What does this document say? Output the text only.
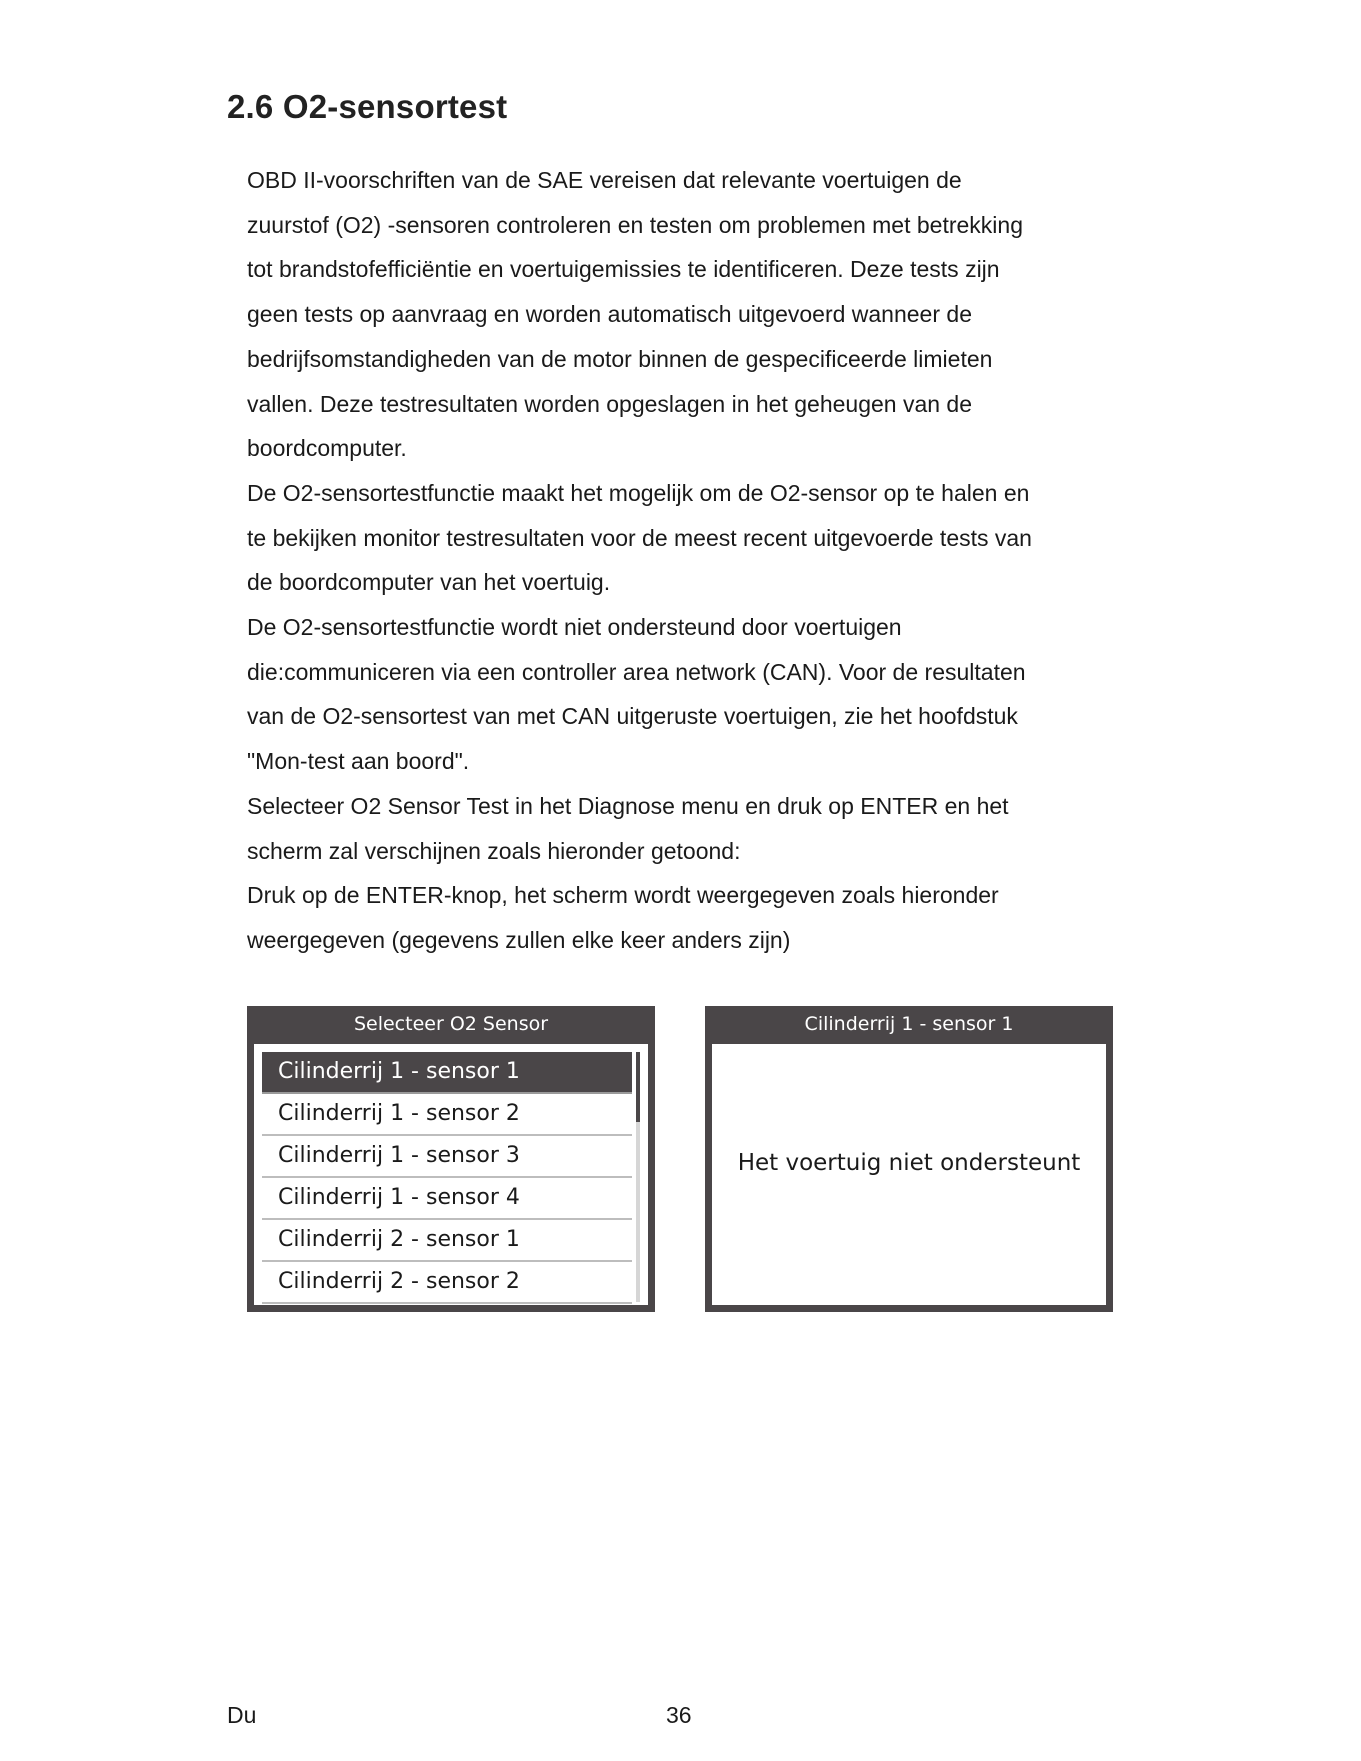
2.6 O2-sensortest
OBD II-voorschriften van de SAE vereisen dat relevante voertuigen de
zuurstof (O2) -sensoren controleren en testen om problemen met betrekking
tot brandstofefficiëntie en voertuigemissies te identificeren. Deze tests zijn
geen tests op aanvraag en worden automatisch uitgevoerd wanneer de
bedrijfsomstandigheden van de motor binnen de gespecificeerde limieten
vallen. Deze testresultaten worden opgeslagen in het geheugen van de
boordcomputer.
De O2-sensortestfunctie maakt het mogelijk om de O2-sensor op te halen en
te bekijken monitor testresultaten voor de meest recent uitgevoerde tests van
de boordcomputer van het voertuig.
De O2-sensortestfunctie wordt niet ondersteund door voertuigen
die:communiceren via een controller area network (CAN). Voor de resultaten
van de O2-sensortest van met CAN uitgeruste voertuigen, zie het hoofdstuk
"Mon-test aan boord".
Selecteer O2 Sensor Test in het Diagnose menu en druk op ENTER en het
scherm zal verschijnen zoals hieronder getoond:
Druk op de ENTER-knop, het scherm wordt weergegeven zoals hieronder
weergegeven (gegevens zullen elke keer anders zijn)
Selecteer O2 Sensor
Cilinderrij 1 - sensor 1
Cilinderrij 1 - sensor 2
Cilinderrij 1 - sensor 3
Cilinderrij 1 - sensor 4
Cilinderrij 2 - sensor 1
Cilinderrij 2 - sensor 2
Cilinderrij 1 - sensor 1
Het voertuig niet ondersteunt
Du	36
